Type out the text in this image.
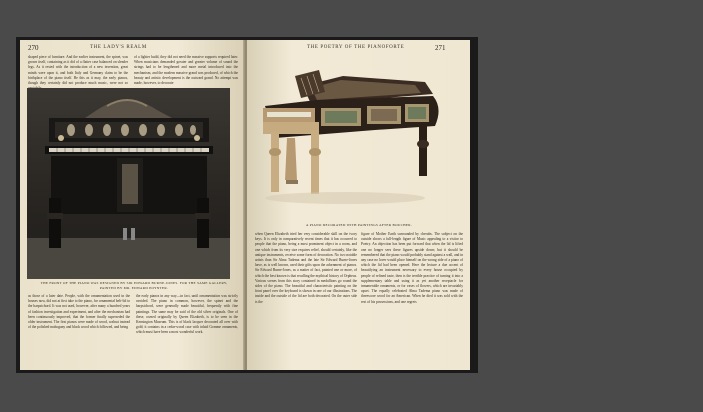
270	THE LADY'S REALM
shaped piece of furniture. And the earlier instrument, the spinet, was grown itself, containing as it did of a flatter case balanced on slender legs. As it rested with the introduction of a new invention, great minds were upon it, and both Italy and Germany claim to be the birthplace of the piano itself. Be this as it may, the early pianos, though they certainly did not produce much music, were not so
of a lighter build, they did not need the massive supports required later. When musicians demanded greater and greater volume of sound the strings had to be lengthened and more metal introduced into the mechanism, and the modern massive grand was produced, of which the beauty and artistic development is the outward grand. No attempt was made, however, to decorate
THE FRONT OF THE PIANO WAS DESIGNED BY SIR EDWARD BURNE-JONES. FOR THE SAME GALLERY, PAINTED BY MR. EDWARD POYNTER.
as those of a later date. People, with the ornamentation used in the houses now, did not at first take to the piano, for ornamental belt-lid to the harpsichord. It was not used, however, after many a hundred years of fashion investigation and experiment, and after the mechanism had been continuously improved, that the former finally superseded the older instrument. The first pianos were made of wood, walnut instead of the polished mahogany and black wood which followed, and being
the early pianos in any way—in fact, until ornamentation was strictly avoided. The piano in common, however, the spinet and the harpsichord, were generally made beautiful, frequently with fine paintings. The same may be said of the old silver originals. One of these, owned originally by Queen Elizabeth, is to be seen in the Kensington Museum. This is of black lacquer decorated all over with gold; it contains in a cedar-wood case with inlaid Gomme ornaments, which must have been a most wonderful work.
THE POETRY OF THE PIANOFORTE	271
A PIANO DECORATED WITH PAINTINGS AFTER BOUCHER.
when Queen Elizabeth tried her very considerable skill on the ivory keys. It is only in comparatively recent times that it has occurred to people that the piano, being a most prominent object in a room, and one which from its very size requires relief, should certainly, like the antique instruments, receive some form of decoration. No two notable artists than Sir Alma Tadema and the late Sir Edward Burne-Jones have, as is well known, used their gifts upon the adornment of pianos. Sir Edward Burne-Jones, as a matter of fact, painted one or more, of which the best known is that recalling the mythical history of Orpheus. Various scenes from this story contained in medallions go round the sides of the piano. The beautiful and characteristic painting on the front panel over the keyboard is shown in one of our illustrations. The inside and the outside of the lid are both decorated. On the outer side is the
figure of Mother Earth surrounded by cherubs. The subject on the outside shows a full-length figure of Music appealing to a visitor to Poetry. An objection has been put forward that when the lid is lifted one no longer sees these figures upside down; but it should be remembered that the piano would probably stand against a wall, and in any case no lover would place himself on the wrong side of a piano of which the lid had been opened. Here the lecture a due accent of beautifying an instrument necessary to every house occupied by people of refined taste, then is the terrible practice of turning it into a supplementary table and using it as yet another receptacle for innumerable ornaments, or for vases of flowers, which are invariably upset. The equally celebrated Alma Tadema piano was made of threescore wood for an American. When he died it was sold with the rest of his possessions, and one regrets
